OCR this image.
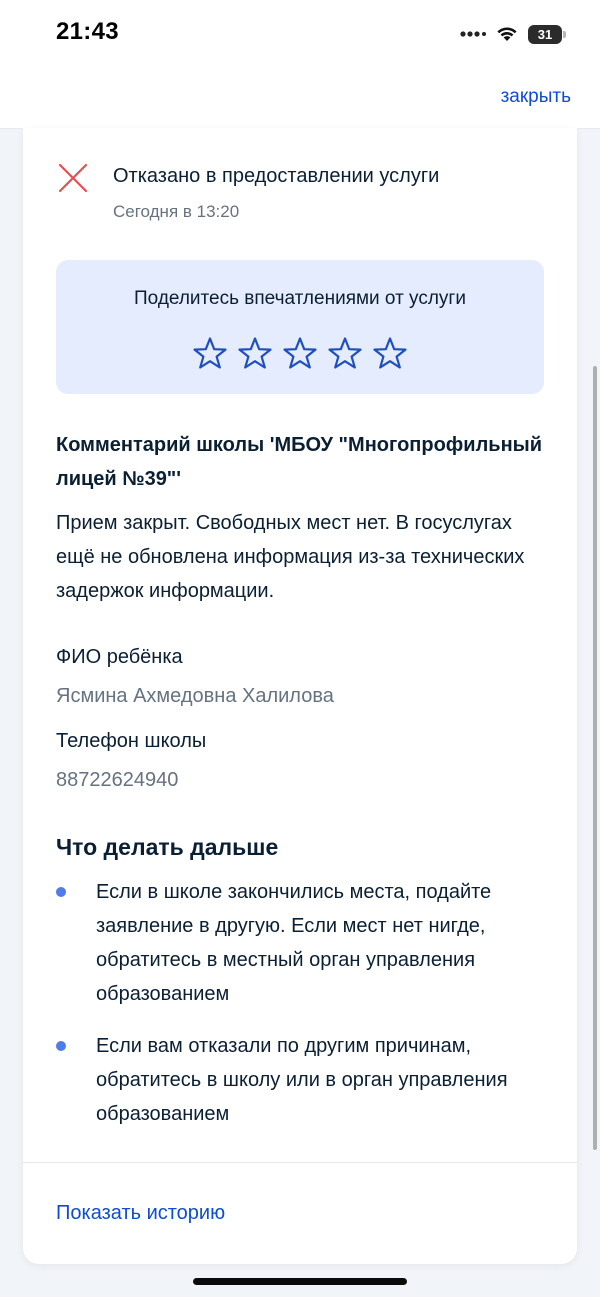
21:43	31
закрыть
Отказано в предоставлении услуги
Сегодня в 13:20
Поделитесь впечатлениями от услуги
Комментарий школы 'МБОУ "Многопрофильный лицей №39"'
Прием закрыт. Свободных мест нет. В госуслугах ещё не обновлена информация из-за технических задержок информации.
ФИО ребёнка
Ясмина Ахмедовна Халилова
Телефон школы
88722624940
Что делать дальше
Если в школе закончились места, подайте заявление в другую. Если мест нет нигде, обратитесь в местный орган управления образованием
Если вам отказали по другим причинам, обратитесь в школу или в орган управления образованием
Показать историю
